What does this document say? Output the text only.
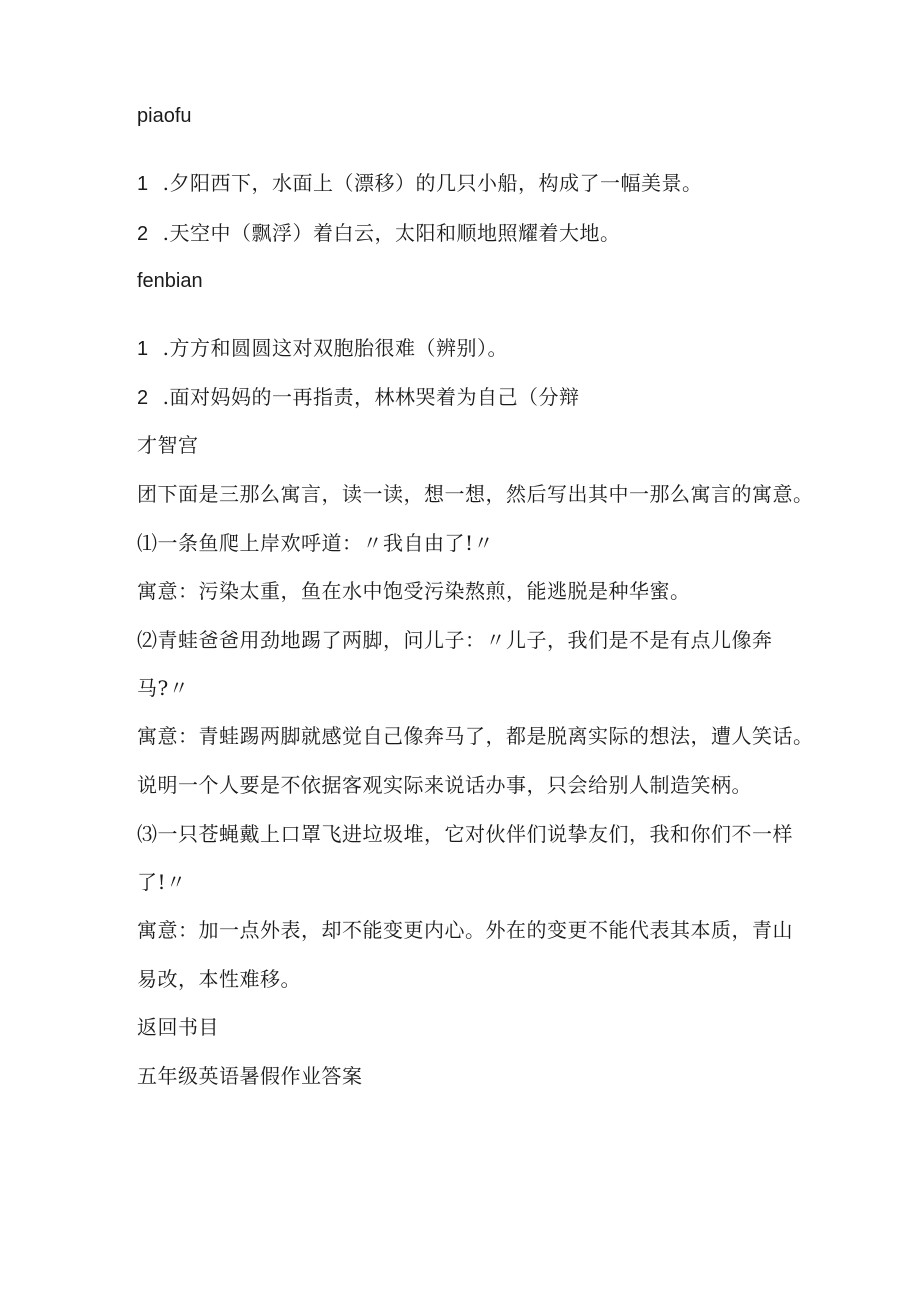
piaofu
1 .夕阳西下，水面上（漂移）的几只小船，构成了一幅美景。
2 .天空中（飘浮）着白云，太阳和顺地照耀着大地。
fenbian
1 .方方和圆圆这对双胞胎很难（辨别）。
2 .面对妈妈的一再指责，林林哭着为自己（分辩
才智宫
团下面是三那么寓言，读一读，想一想，然后写出其中一那么寓言的寓意。
⑴一条鱼爬上岸欢呼道：〃我自由了!〃
寓意：污染太重，鱼在水中饱受污染熬煎，能逃脱是种华蜜。
⑵青蛙爸爸用劲地踢了两脚，问儿子：〃儿子，我们是不是有点儿像奔
马?〃
寓意：青蛙踢两脚就感觉自己像奔马了，都是脱离实际的想法，遭人笑话。
说明一个人要是不依据客观实际来说话办事，只会给别人制造笑柄。
⑶一只苍蝇戴上口罩飞进垃圾堆，它对伙伴们说挚友们，我和你们不一样
了!〃
寓意：加一点外表，却不能变更内心。外在的变更不能代表其本质，青山
易改，本性难移。
返回书目
五年级英语暑假作业答案
